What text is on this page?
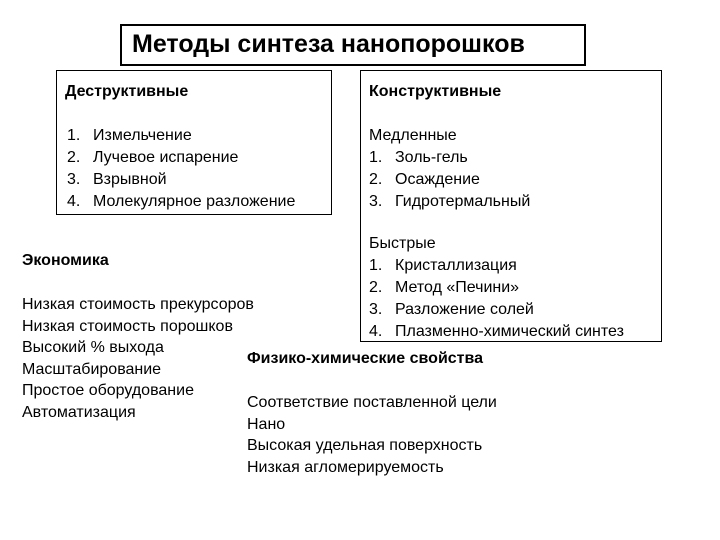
Методы синтеза нанопорошков
Деструктивные
1. Измельчение
2. Лучевое испарение
3. Взрывной
4. Молекулярное разложение
Конструктивные
Медленные
1. Золь-гель
2. Осаждение
3. Гидротермальный
Быстрые
1. Кристаллизация
2. Метод «Печини»
3. Разложение солей
4. Плазменно-химический синтез
Экономика
Низкая стоимость прекурсоров
Низкая стоимость порошков
Высокий % выхода
Масштабирование
Простое оборудование
Автоматизация
Физико-химические свойства
Соответствие поставленной цели
Нано
Высокая удельная поверхность
Низкая агломерируемость
